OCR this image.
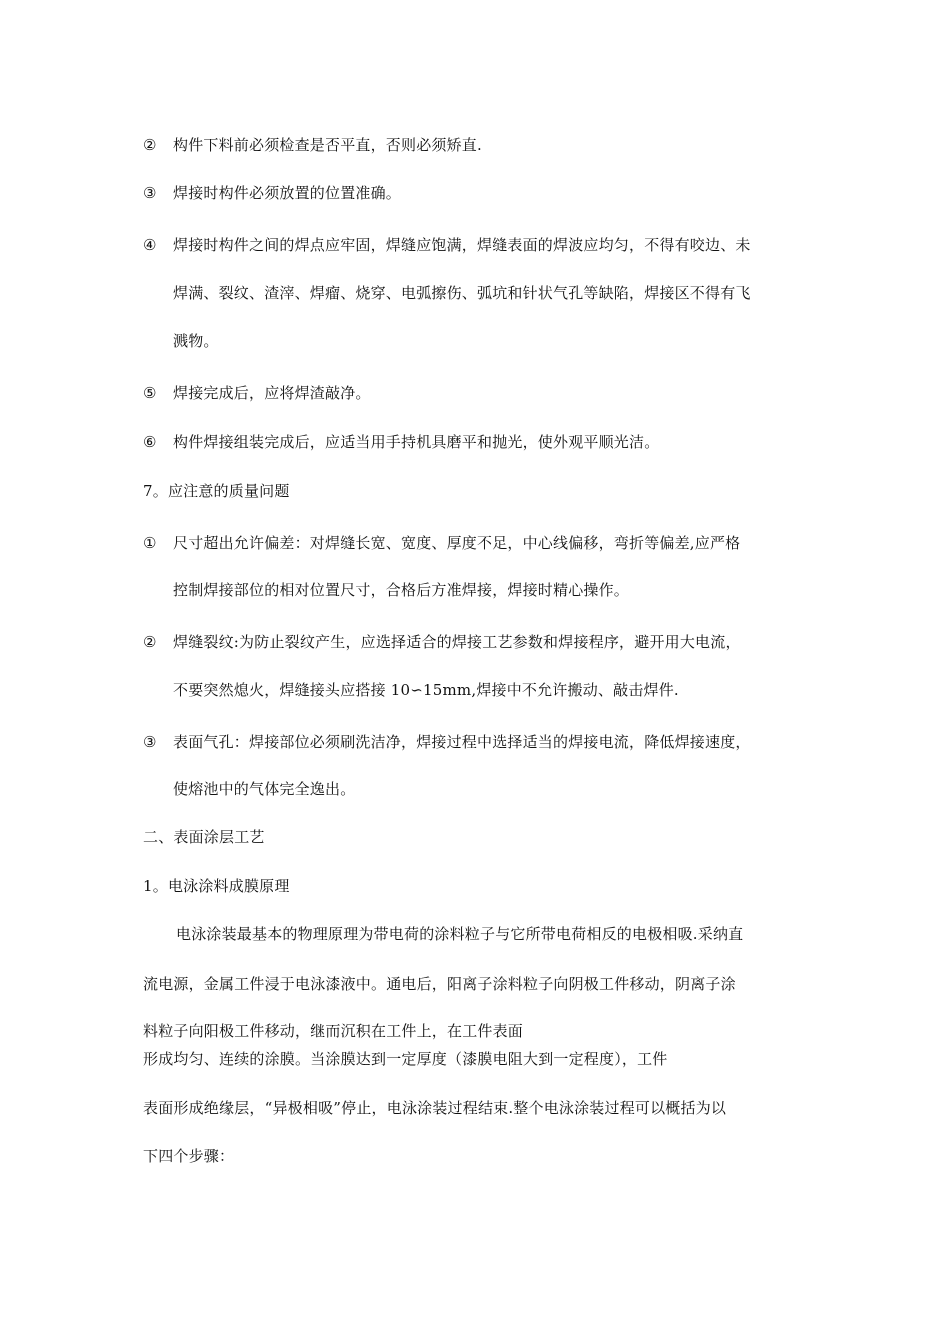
② 构件下料前必须检查是否平直，否则必须矫直.
③ 焊接时构件必须放置的位置准确。
④ 焊接时构件之间的焊点应牢固，焊缝应饱满，焊缝表面的焊波应均匀，不得有咬边、未
焊满、裂纹、渣滓、焊瘤、烧穿、电弧擦伤、弧坑和针状气孔等缺陷，焊接区不得有飞
溅物。
⑤ 焊接完成后，应将焊渣敲净。
⑥ 构件焊接组装完成后，应适当用手持机具磨平和抛光，使外观平顺光洁。
7。应注意的质量问题
① 尺寸超出允许偏差：对焊缝长宽、宽度、厚度不足，中心线偏移，弯折等偏差,应严格
控制焊接部位的相对位置尺寸，合格后方准焊接，焊接时精心操作。
② 焊缝裂纹:为防止裂纹产生，应选择适合的焊接工艺参数和焊接程序，避开用大电流，
不要突然熄火，焊缝接头应搭接 10∽15mm,焊接中不允许搬动、敲击焊件.
③ 表面气孔：焊接部位必须刷洗洁净，焊接过程中选择适当的焊接电流，降低焊接速度，
使熔池中的气体完全逸出。
二、表面涂层工艺
1。电泳涂料成膜原理
电泳涂装最基本的物理原理为带电荷的涂料粒子与它所带电荷相反的电极相吸.采纳直
流电源，金属工件浸于电泳漆液中。通电后，阳离子涂料粒子向阴极工件移动，阴离子涂
料粒子向阳极工件移动，继而沉积在工件上，在工件表面
形成均匀、连续的涂膜。当涂膜达到一定厚度（漆膜电阻大到一定程度），工件
表面形成绝缘层，“异极相吸”停止，电泳涂装过程结束.整个电泳涂装过程可以概括为以
下四个步骤：
